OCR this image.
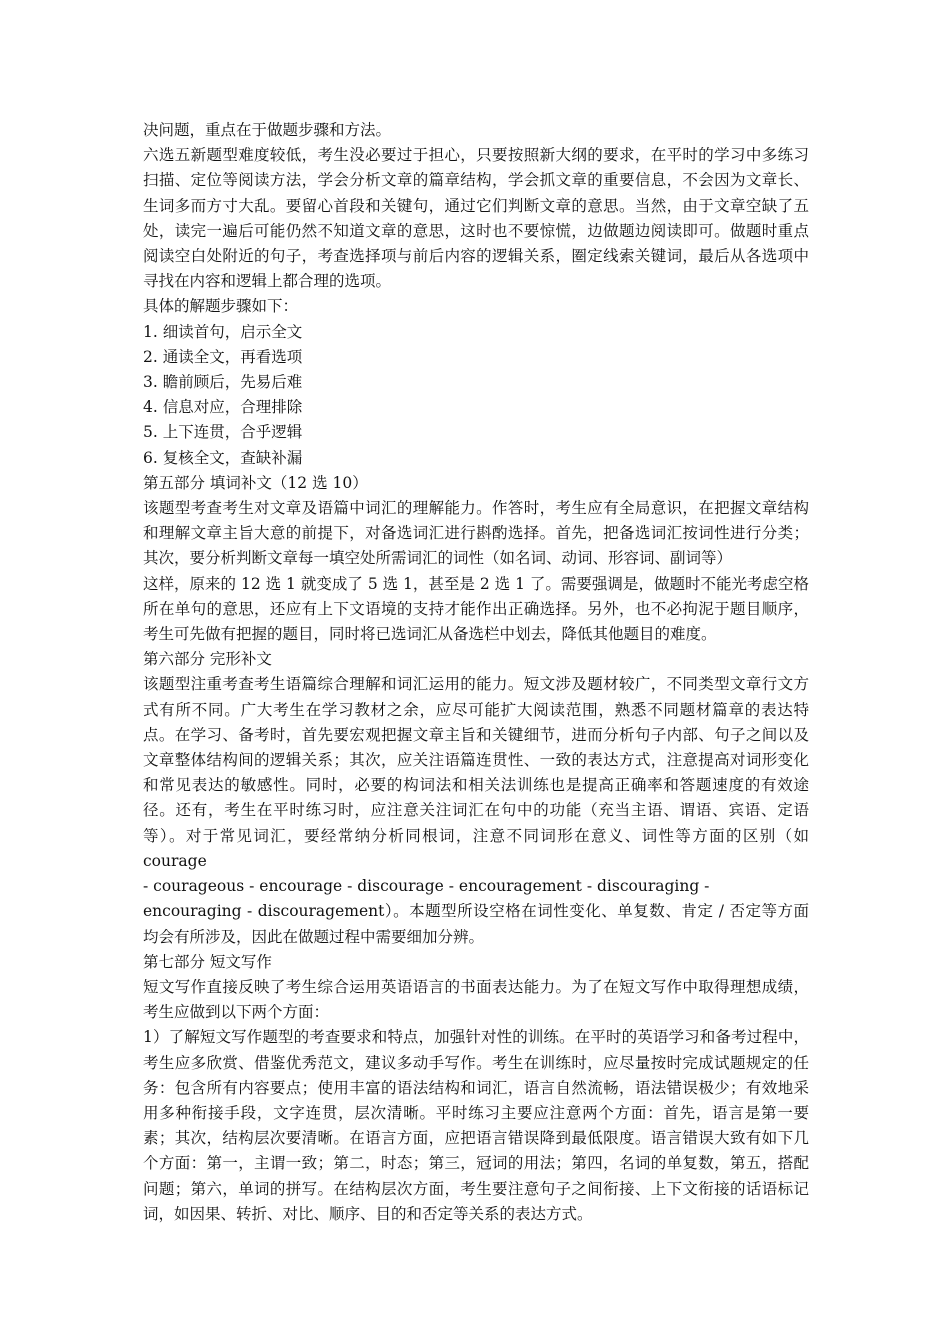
决问题，重点在于做题步骤和方法。

六选五新题型难度较低，考生没必要过于担心，只要按照新大纲的要求，在平时的学习中多练习扫描、定位等阅读方法，学会分析文章的篇章结构，学会抓文章的重要信息，不会因为文章长、生词多而方寸大乱。要留心首段和关键句，通过它们判断文章的意思。当然，由于文章空缺了五处，读完一遍后可能仍然不知道文章的意思，这时也不要惊慌，边做题边阅读即可。做题时重点阅读空白处附近的句子，考查选择项与前后内容的逻辑关系，圈定线索关键词，最后从各选项中寻找在内容和逻辑上都合理的选项。

具体的解题步骤如下：

1. 细读首句，启示全文

2. 通读全文，再看选项

3. 瞻前顾后，先易后难

4. 信息对应，合理排除

5. 上下连贯，合乎逻辑

6. 复核全文，查缺补漏

第五部分 填词补文（12 选 10）

该题型考查考生对文章及语篇中词汇的理解能力。作答时，考生应有全局意识，在把握文章结构和理解文章主旨大意的前提下，对备选词汇进行斟酌选择。首先，把备选词汇按词性进行分类；其次，要分析判断文章每一填空处所需词汇的词性（如名词、动词、形容词、副词等）

这样，原来的 12 选 1 就变成了 5 选 1，甚至是 2 选 1 了。需要强调是，做题时不能光考虑空格所在单句的意思，还应有上下文语境的支持才能作出正确选择。另外，也不必拘泥于题目顺序，考生可先做有把握的题目，同时将已选词汇从备选栏中划去，降低其他题目的难度。

第六部分 完形补文

该题型注重考查考生语篇综合理解和词汇运用的能力。短文涉及题材较广，不同类型文章行文方式有所不同。广大考生在学习教材之余，应尽可能扩大阅读范围，熟悉不同题材篇章的表达特点。在学习、备考时，首先要宏观把握文章主旨和关键细节，进而分析句子内部、句子之间以及文章整体结构间的逻辑关系；其次，应关注语篇连贯性、一致的表达方式，注意提高对词形变化和常见表达的敏感性。同时，必要的构词法和相关法训练也是提高正确率和答题速度的有效途径。还有，考生在平时练习时，应注意关注词汇在句中的功能（充当主语、谓语、宾语、定语等）。对于常见词汇，要经常纳分析同根词，注意不同词形在意义、词性等方面的区别（如 courage

- courageous - encourage - discourage - encouragement - discouraging -

encouraging - discouragement）。本题型所设空格在词性变化、单复数、肯定 / 否定等方面均会有所涉及，因此在做题过程中需要细加分辨。

第七部分 短文写作

短文写作直接反映了考生综合运用英语语言的书面表达能力。为了在短文写作中取得理想成绩，考生应做到以下两个方面：

1）了解短文写作题型的考查要求和特点，加强针对性的训练。在平时的英语学习和备考过程中，考生应多欣赏、借鉴优秀范文，建议多动手写作。考生在训练时，应尽量按时完成试题规定的任务：包含所有内容要点；使用丰富的语法结构和词汇，语言自然流畅，语法错误极少；有效地采用多种衔接手段，文字连贯，层次清晰。平时练习主要应注意两个方面：首先，语言是第一要素；其次，结构层次要清晰。在语言方面，应把语言错误降到最低限度。语言错误大致有如下几个方面：第一，主谓一致；第二，时态；第三，冠词的用法；第四，名词的单复数，第五，搭配问题；第六，单词的拼写。在结构层次方面，考生要注意句子之间衔接、上下文衔接的话语标记词，如因果、转折、对比、顺序、目的和否定等关系的表达方式。
